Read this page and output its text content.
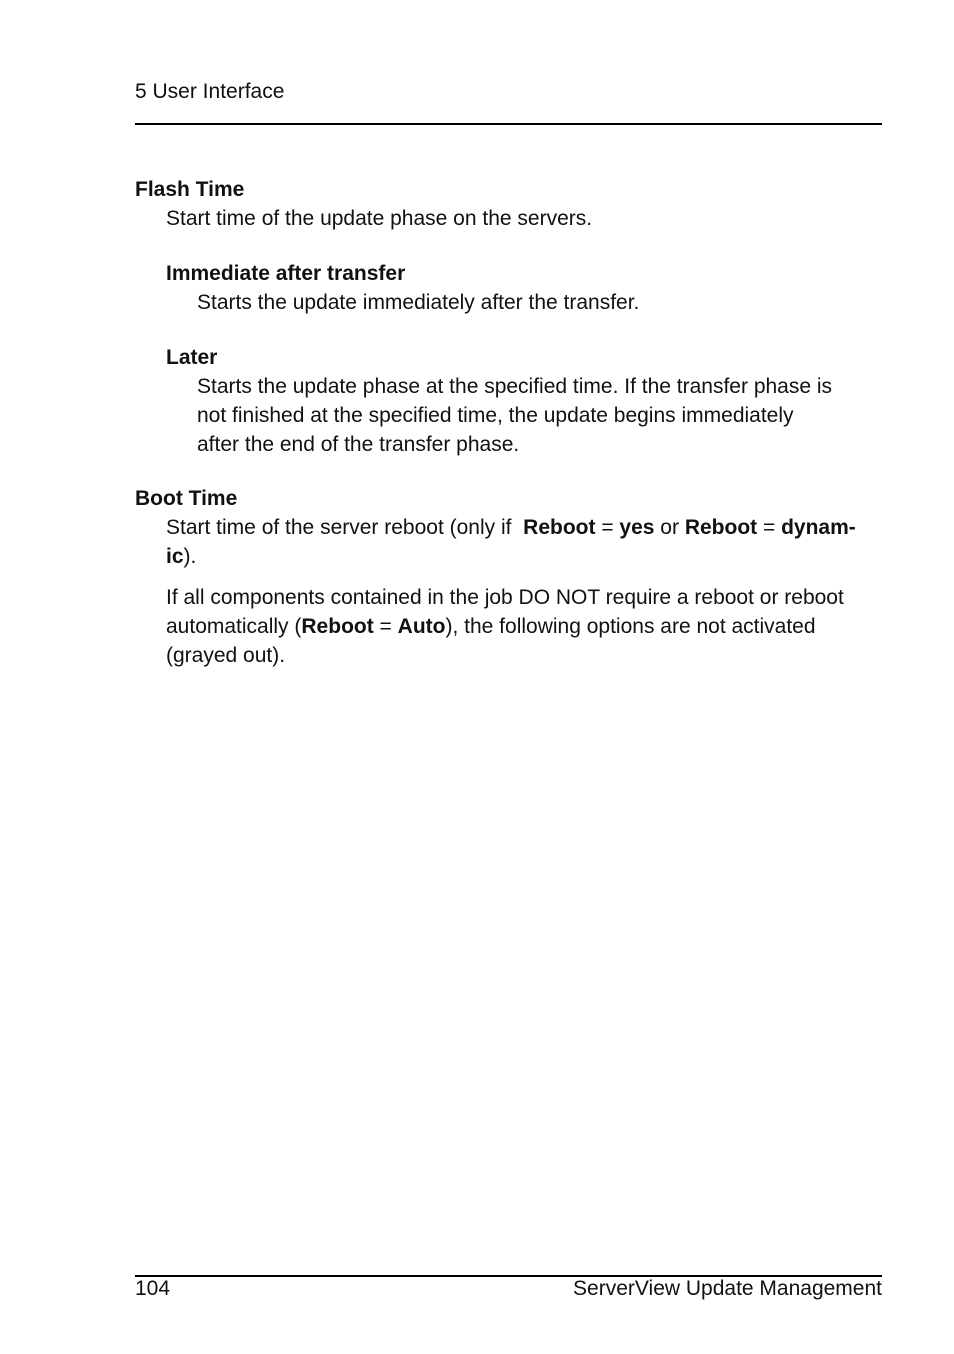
5 User Interface

Flash Time

Start time of the update phase on the servers.

Immediate after transfer

Starts the update immediately after the transfer.

Later

Starts the update phase at the specified time. If the transfer phase is
not finished at the specified time, the update begins immediately
after the end of the transfer phase.

Boot Time

Start time of the server reboot (only if  Reboot = yes or Reboot = dynam-
ic).
If all components contained in the job DO NOT require a reboot or reboot
automatically (Reboot = Auto), the following options are not activated
(grayed out).
104	ServerView Update Management
